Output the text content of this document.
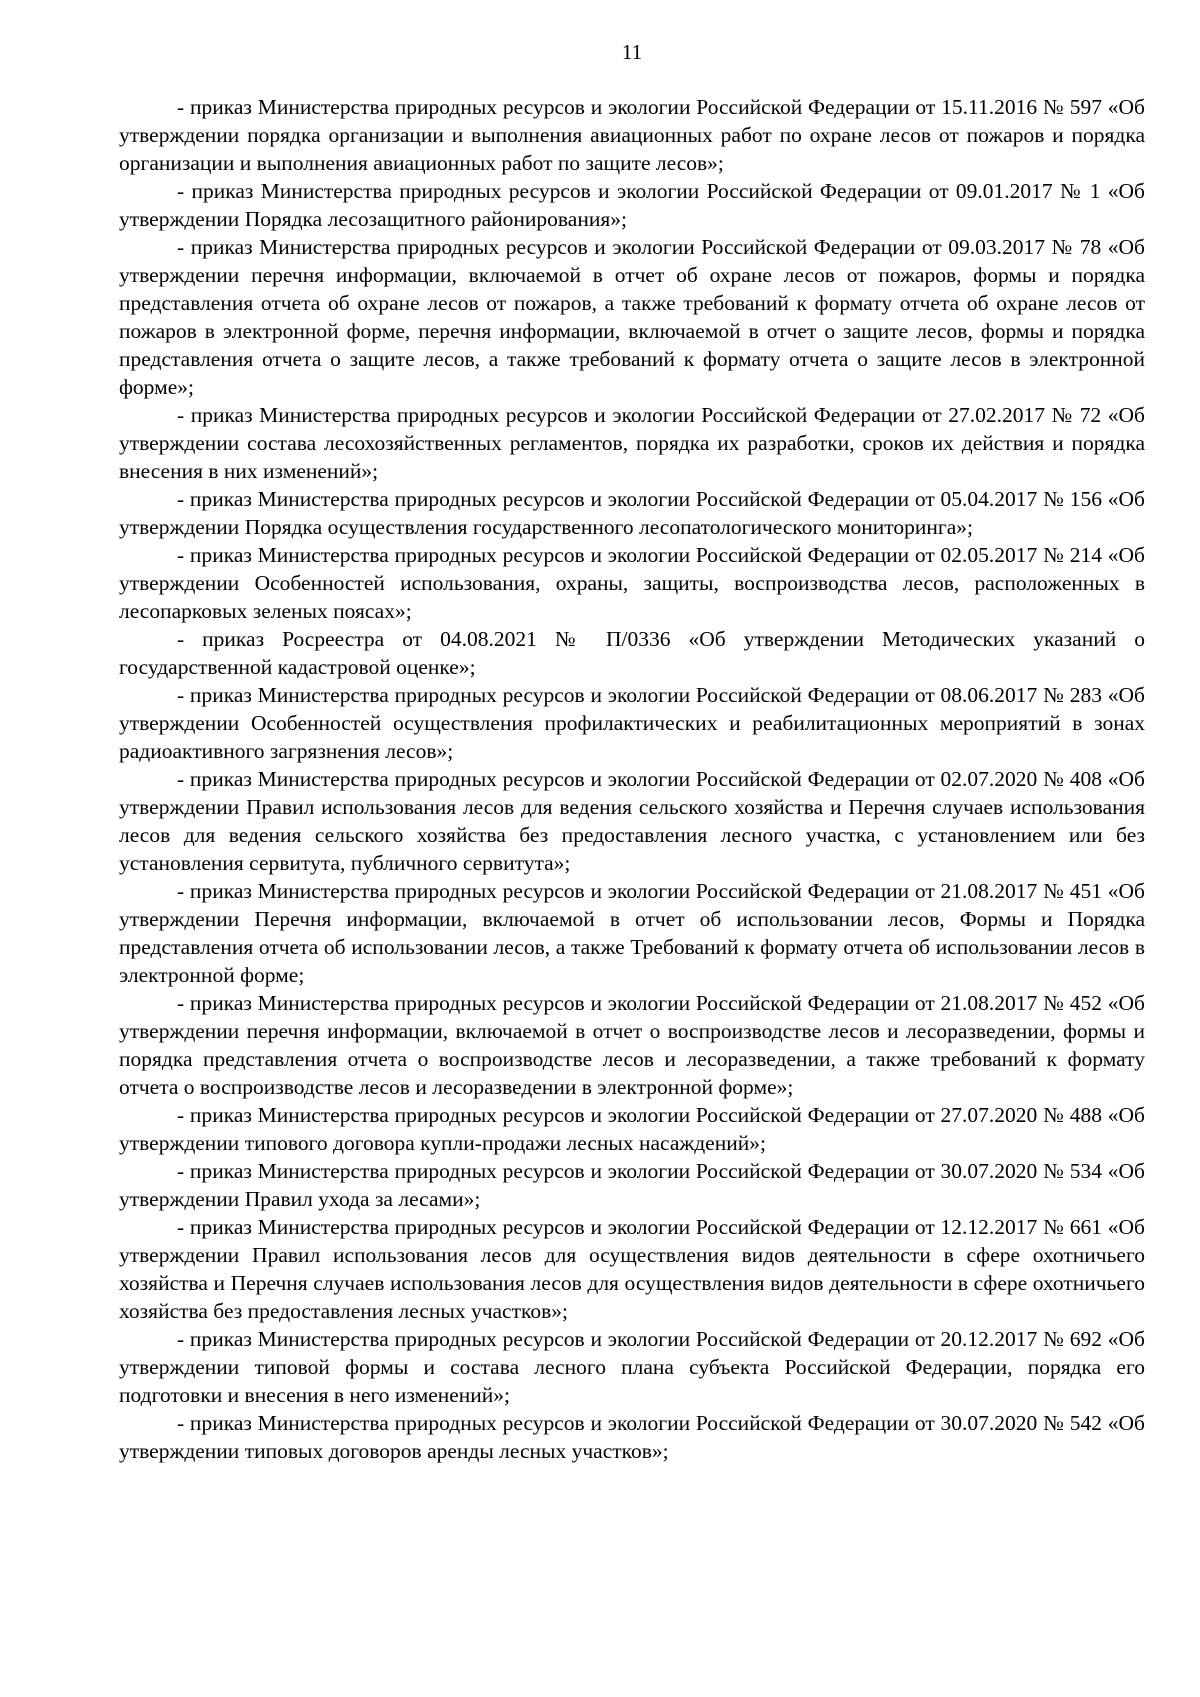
11

- приказ Министерства природных ресурсов и экологии Российской Федерации от 15.11.2016 № 597 «Об утверждении порядка организации и выполнения авиационных работ по охране лесов от пожаров и порядка организации и выполнения авиационных работ по защите лесов»;

- приказ Министерства природных ресурсов и экологии Российской Федерации от 09.01.2017 № 1 «Об утверждении Порядка лесозащитного районирования»;

- приказ Министерства природных ресурсов и экологии Российской Федерации от 09.03.2017 № 78 «Об утверждении перечня информации, включаемой в отчет об охране лесов от пожаров, формы и порядка представления отчета об охране лесов от пожаров, а также требований к формату отчета об охране лесов от пожаров в электронной форме, перечня информации, включаемой в отчет о защите лесов, формы и порядка представления отчета о защите лесов, а также требований к формату отчета о защите лесов в электронной форме»;

- приказ Министерства природных ресурсов и экологии Российской Федерации от 27.02.2017 № 72 «Об утверждении состава лесохозяйственных регламентов, порядка их разработки, сроков их действия и порядка внесения в них изменений»;

- приказ Министерства природных ресурсов и экологии Российской Федерации от 05.04.2017 № 156 «Об утверждении Порядка осуществления государственного лесопатологического мониторинга»;

- приказ Министерства природных ресурсов и экологии Российской Федерации от 02.05.2017 № 214 «Об утверждении Особенностей использования, охраны, защиты, воспроизводства лесов, расположенных в лесопарковых зеленых поясах»;

- приказ Росреестра от 04.08.2021 № П/0336 «Об утверждении Методических указаний о государственной кадастровой оценке»;

- приказ Министерства природных ресурсов и экологии Российской Федерации от 08.06.2017 № 283 «Об утверждении Особенностей осуществления профилактических и реабилитационных мероприятий в зонах радиоактивного загрязнения лесов»;

- приказ Министерства природных ресурсов и экологии Российской Федерации от 02.07.2020 № 408 «Об утверждении Правил использования лесов для ведения сельского хозяйства и Перечня случаев использования лесов для ведения сельского хозяйства без предоставления лесного участка, с установлением или без установления сервитута, публичного сервитута»;

- приказ Министерства природных ресурсов и экологии Российской Федерации от 21.08.2017 № 451 «Об утверждении Перечня информации, включаемой в отчет об использовании лесов, Формы и Порядка представления отчета об использовании лесов, а также Требований к формату отчета об использовании лесов в электронной форме;

- приказ Министерства природных ресурсов и экологии Российской Федерации от 21.08.2017 № 452 «Об утверждении перечня информации, включаемой в отчет о воспроизводстве лесов и лесоразведении, формы и порядка представления отчета о воспроизводстве лесов и лесоразведении, а также требований к формату отчета о воспроизводстве лесов и лесоразведении в электронной форме»;

- приказ Министерства природных ресурсов и экологии Российской Федерации от 27.07.2020 № 488 «Об утверждении типового договора купли-продажи лесных насаждений»;

- приказ Министерства природных ресурсов и экологии Российской Федерации от 30.07.2020 № 534 «Об утверждении Правил ухода за лесами»;

- приказ Министерства природных ресурсов и экологии Российской Федерации от 12.12.2017 № 661 «Об утверждении Правил использования лесов для осуществления видов деятельности в сфере охотничьего хозяйства и Перечня случаев использования лесов для осуществления видов деятельности в сфере охотничьего хозяйства без предоставления лесных участков»;

- приказ Министерства природных ресурсов и экологии Российской Федерации от 20.12.2017 № 692 «Об утверждении типовой формы и состава лесного плана субъекта Российской Федерации, порядка его подготовки и внесения в него изменений»;

- приказ Министерства природных ресурсов и экологии Российской Федерации от 30.07.2020 № 542 «Об утверждении типовых договоров аренды лесных участков»;
